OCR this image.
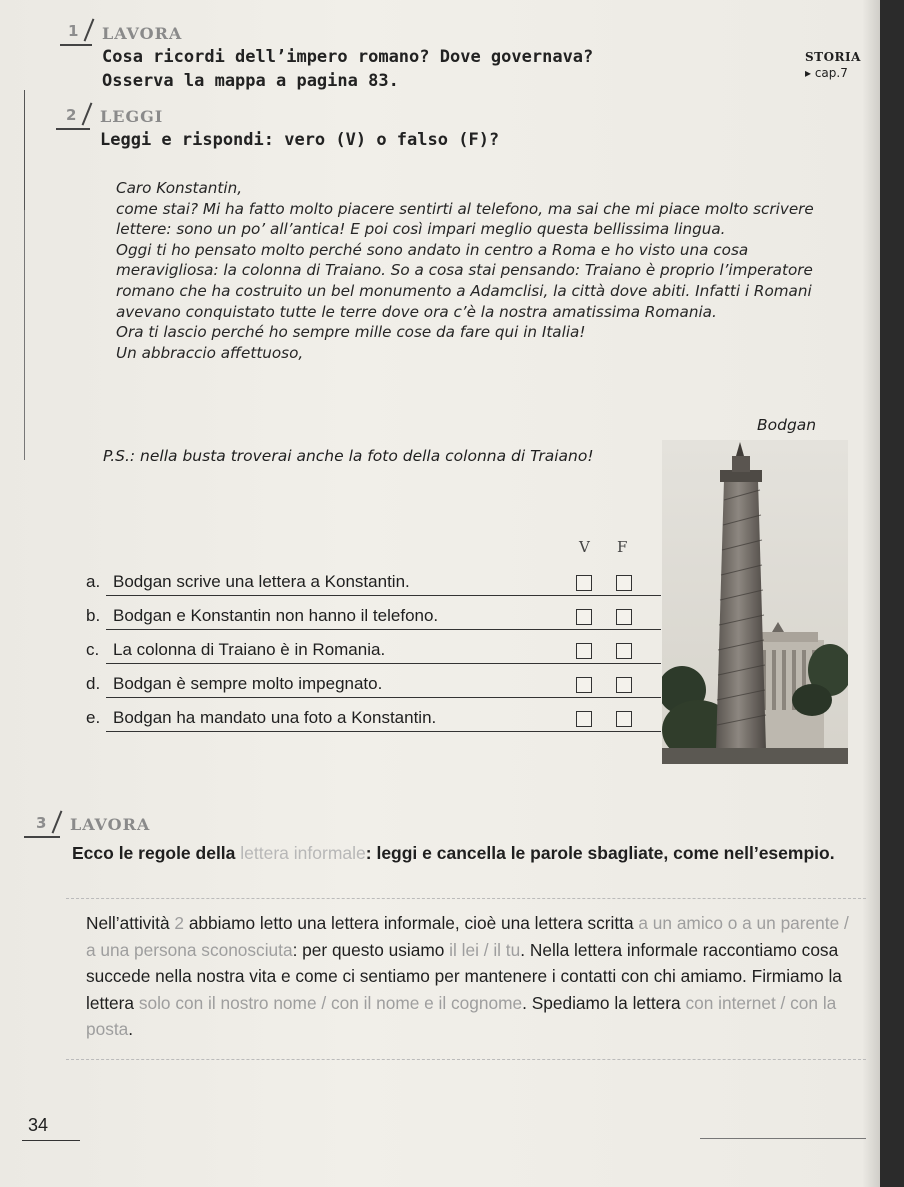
1 LAVORA
Cosa ricordi dell’impero romano? Dove governava?
Osserva la mappa a pagina 83.
STORIA
▸ cap.7
2 LEGGI
Leggi e rispondi: vero (V) o falso (F)?

Caro Konstantin,

come stai? Mi ha fatto molto piacere sentirti al telefono, ma sai che mi piace molto scrivere lettere: sono un po’ all’antica! E poi così impari meglio questa bellissima lingua.

Oggi ti ho pensato molto perché sono andato in centro a Roma e ho visto una cosa meravigliosa: la colonna di Traiano. So a cosa stai pensando: Traiano è proprio l’imperatore romano che ha costruito un bel monumento a Adamclisi, la città dove abiti. Infatti i Romani avevano conquistato tutte le terre dove ora c’è la nostra amatissima Romania.

Ora ti lascio perché ho sempre mille cose da fare qui in Italia!

Un abbraccio affettuoso,

Bodgan
P.S.: nella busta troverai anche la foto della colonna di Traiano!
V F
a. Bodgan scrive una lettera a Konstantin.
b. Bodgan e Konstantin non hanno il telefono.
c. La colonna di Traiano è in Romania.
d. Bodgan è sempre molto impegnato.
e. Bodgan ha mandato una foto a Konstantin.
3 LAVORA
Ecco le regole della lettera informale: leggi e cancella le parole sbagliate, come nell’esempio.
Nell’attività 2 abbiamo letto una lettera informale, cioè una lettera scritta a un amico o a un parente / a una persona sconosciuta: per questo usiamo il lei / il tu. Nella lettera informale raccontiamo cosa succede nella nostra vita e come ci sentiamo per mantenere i contatti con chi amiamo. Firmiamo la lettera solo con il nostro nome / con il nome e il cognome. Spediamo la lettera con internet / con la posta.
34
